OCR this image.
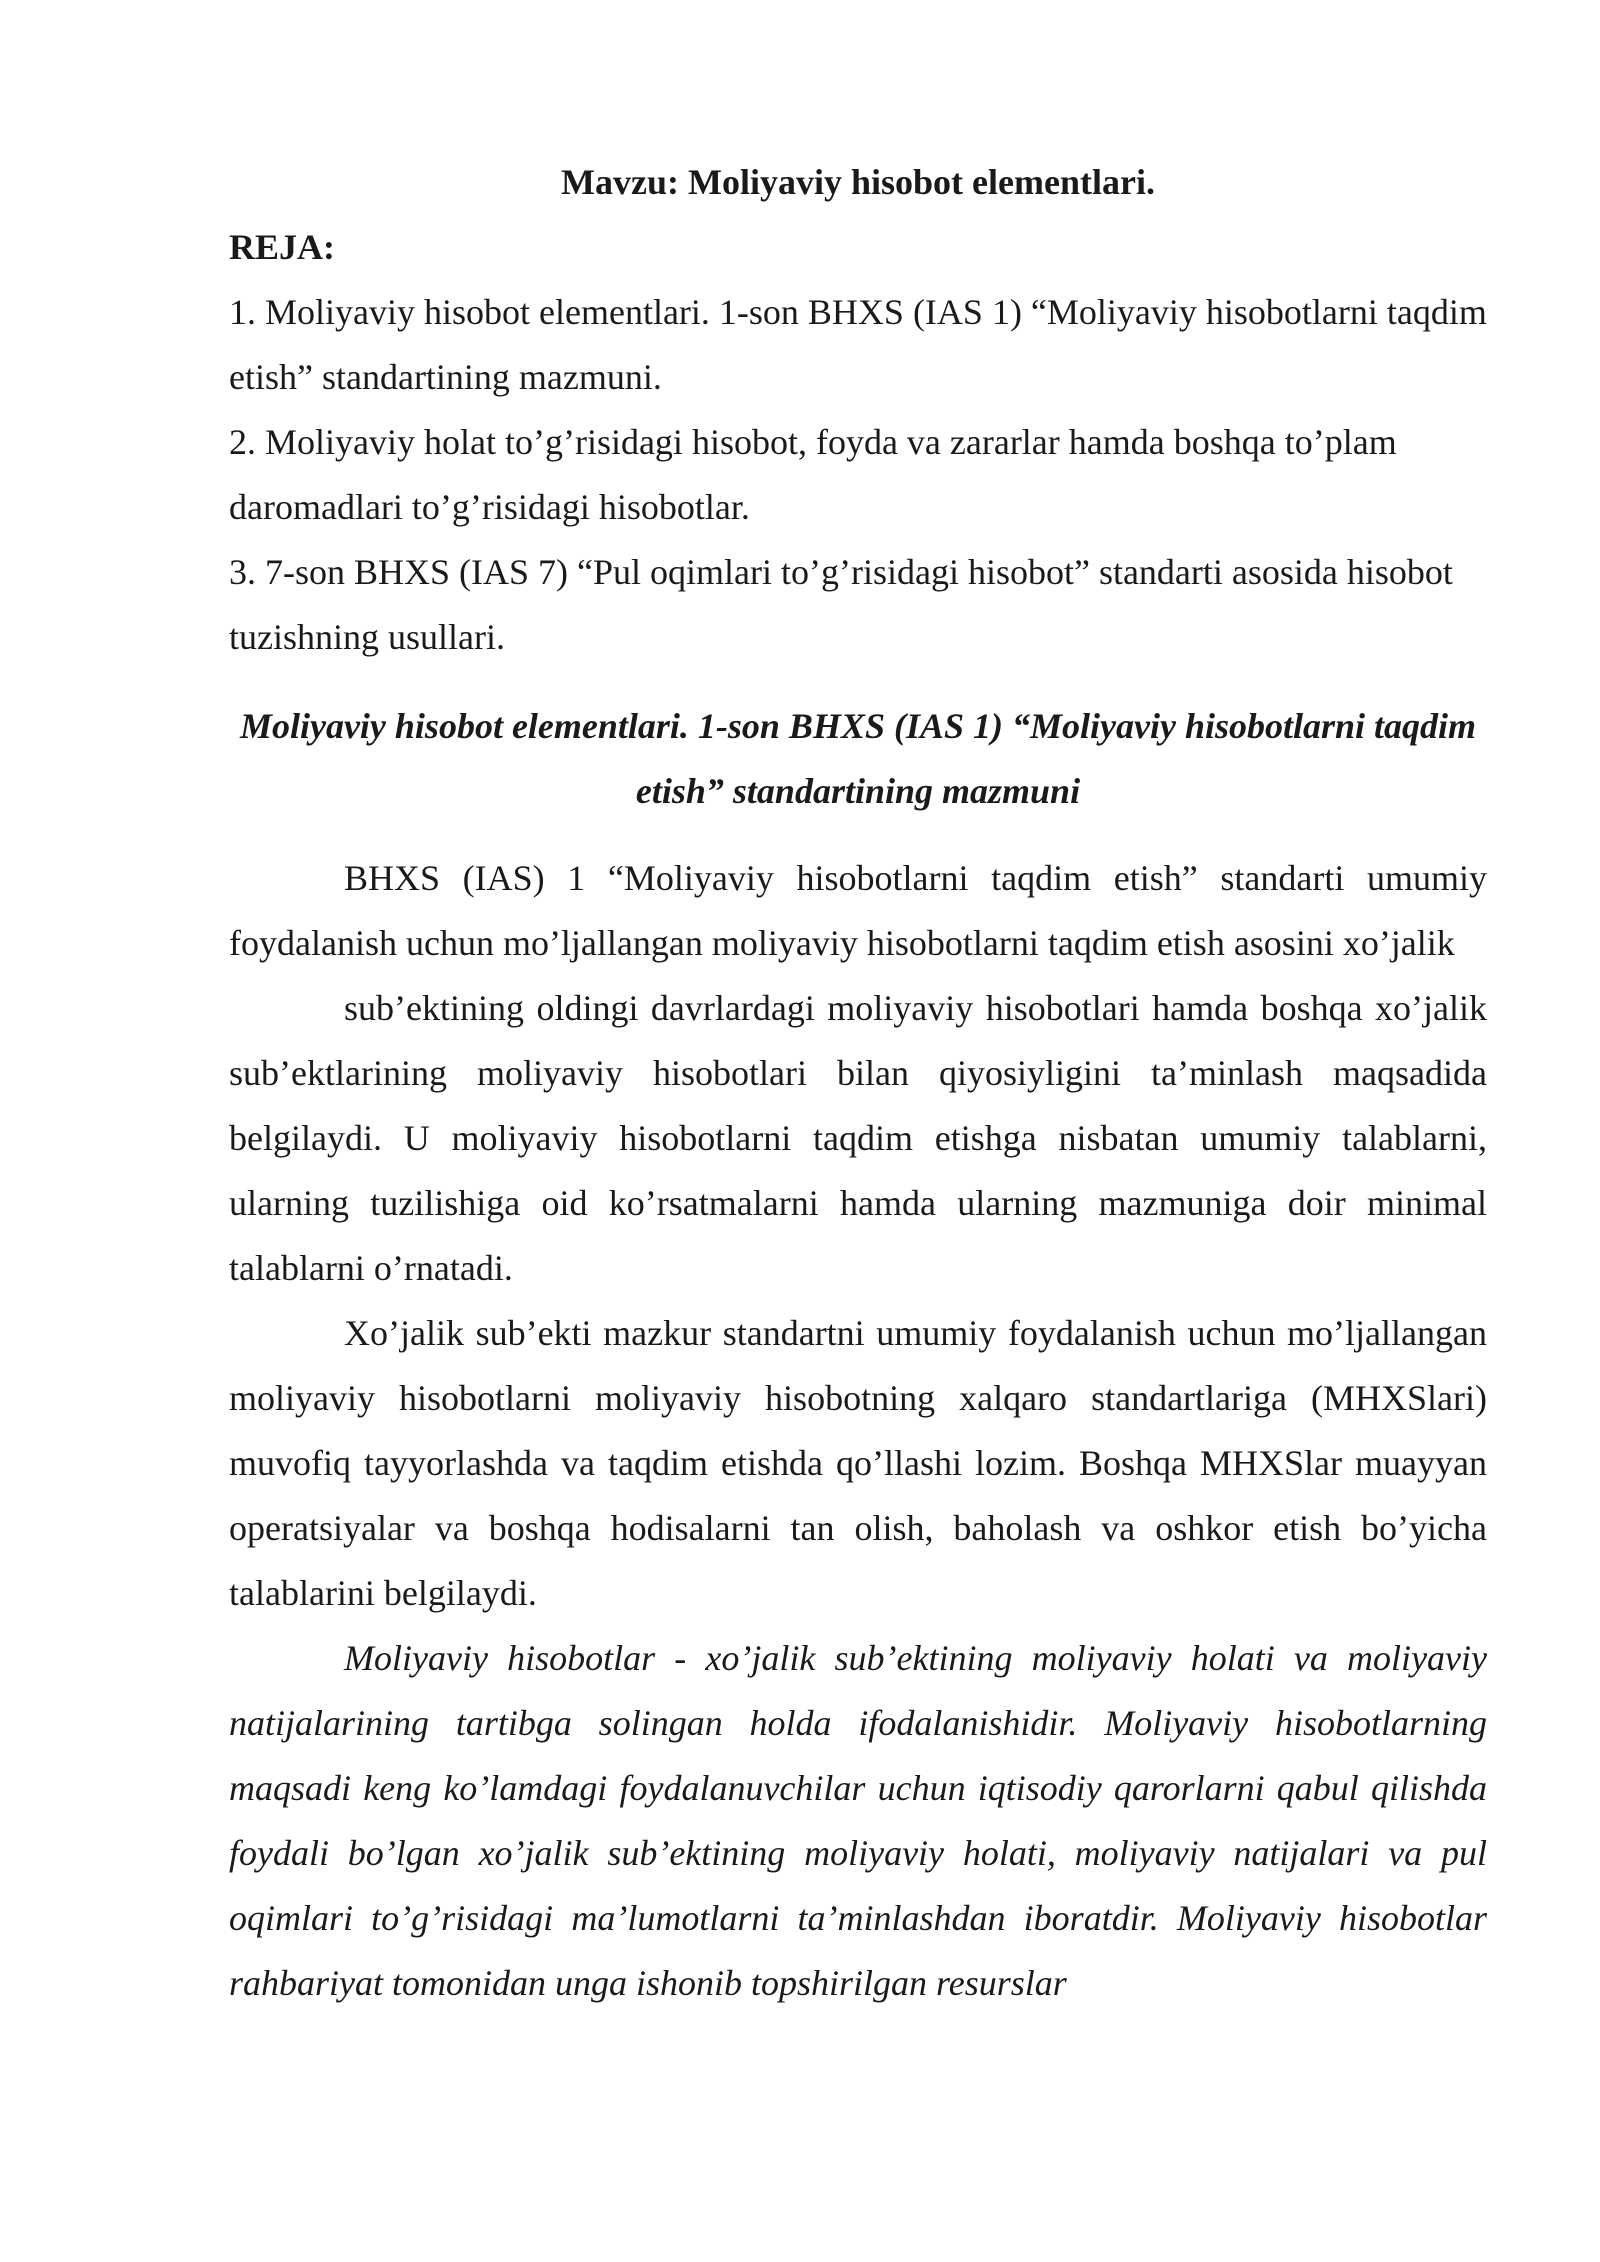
Mavzu: Moliyaviy hisobot elementlari.

REJA:

1. Moliyaviy hisobot elementlari. 1-son BHXS (IAS 1) “Moliyaviy hisobotlarni taqdim etish” standartining mazmuni.

2. Moliyaviy holat to’g’risidagi hisobot, foyda va zararlar hamda boshqa to’plam daromadlari to’g’risidagi hisobotlar.

3. 7-son BHXS (IAS 7) “Pul oqimlari to’g’risidagi hisobot” standarti asosida hisobot tuzishning usullari.

Moliyaviy hisobot elementlari. 1-son BHXS (IAS 1) “Moliyaviy hisobotlarni taqdim etish” standartining mazmuni

BHXS (IAS) 1 “Moliyaviy hisobotlarni taqdim etish” standarti umumiy foydalanish uchun mo’ljallangan moliyaviy hisobotlarni taqdim etish asosini xo’jalik

sub’ektining oldingi davrlardagi moliyaviy hisobotlari hamda boshqa xo’jalik sub’ektlarining moliyaviy hisobotlari bilan qiyosiyligini ta’minlash maqsadida belgilaydi. U moliyaviy hisobotlarni taqdim etishga nisbatan umumiy talablarni, ularning tuzilishiga oid ko’rsatmalarni hamda ularning mazmuniga doir minimal talablarni o’rnatadi.

Xo’jalik sub’ekti mazkur standartni umumiy foydalanish uchun mo’ljallangan moliyaviy hisobotlarni moliyaviy hisobotning xalqaro standartlariga (MHXSlari) muvofiq tayyorlashda va taqdim etishda qo’llashi lozim. Boshqa MHXSlar muayyan operatsiyalar va boshqa hodisalarni tan olish, baholash va oshkor etish bo’yicha talablarini belgilaydi.

Moliyaviy hisobotlar - xo’jalik sub’ektining moliyaviy holati va moliyaviy natijalarining tartibga solingan holda ifodalanishidir. Moliyaviy hisobotlarning maqsadi keng ko’lamdagi foydalanuvchilar uchun iqtisodiy qarorlarni qabul qilishda foydali bo’lgan xo’jalik sub’ektining moliyaviy holati, moliyaviy natijalari va pul oqimlari to’g’risidagi ma’lumotlarni ta’minlashdan iboratdir. Moliyaviy hisobotlar rahbariyat tomonidan unga ishonib topshirilgan resurslar
